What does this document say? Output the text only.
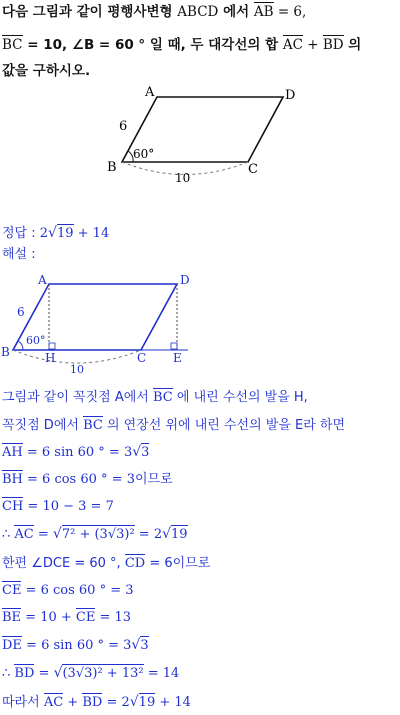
다음 그림과 같이 평행사변형 ABCD 에서 AB = 6,
BC = 10, ∠B = 60 ° 일 때, 두 대각선의 합 AC + BD 의
값을 구하시오.
A	D
B	C
6
60°
10
정답 : 2√19 + 14
해설 :
A	D
B	C
H	E
6
60°
10
그림과 같이 꼭짓점 A에서 BC 에 내린 수선의 발을 H,
꼭짓점 D에서 BC 의 연장선 위에 내린 수선의 발을 E라 하면
AH = 6 sin 60 ° = 3√3
BH = 6 cos 60 ° = 3이므로
CH = 10 − 3 = 7
∴ AC = √7² + (3√3)² = 2√19
한편 ∠DCE = 60 °, CD = 6이므로
CE = 6 cos 60 ° = 3
BE = 10 + CE = 13
DE = 6 sin 60 ° = 3√3
∴ BD = √(3√3)² + 13² = 14
따라서 AC + BD = 2√19 + 14
